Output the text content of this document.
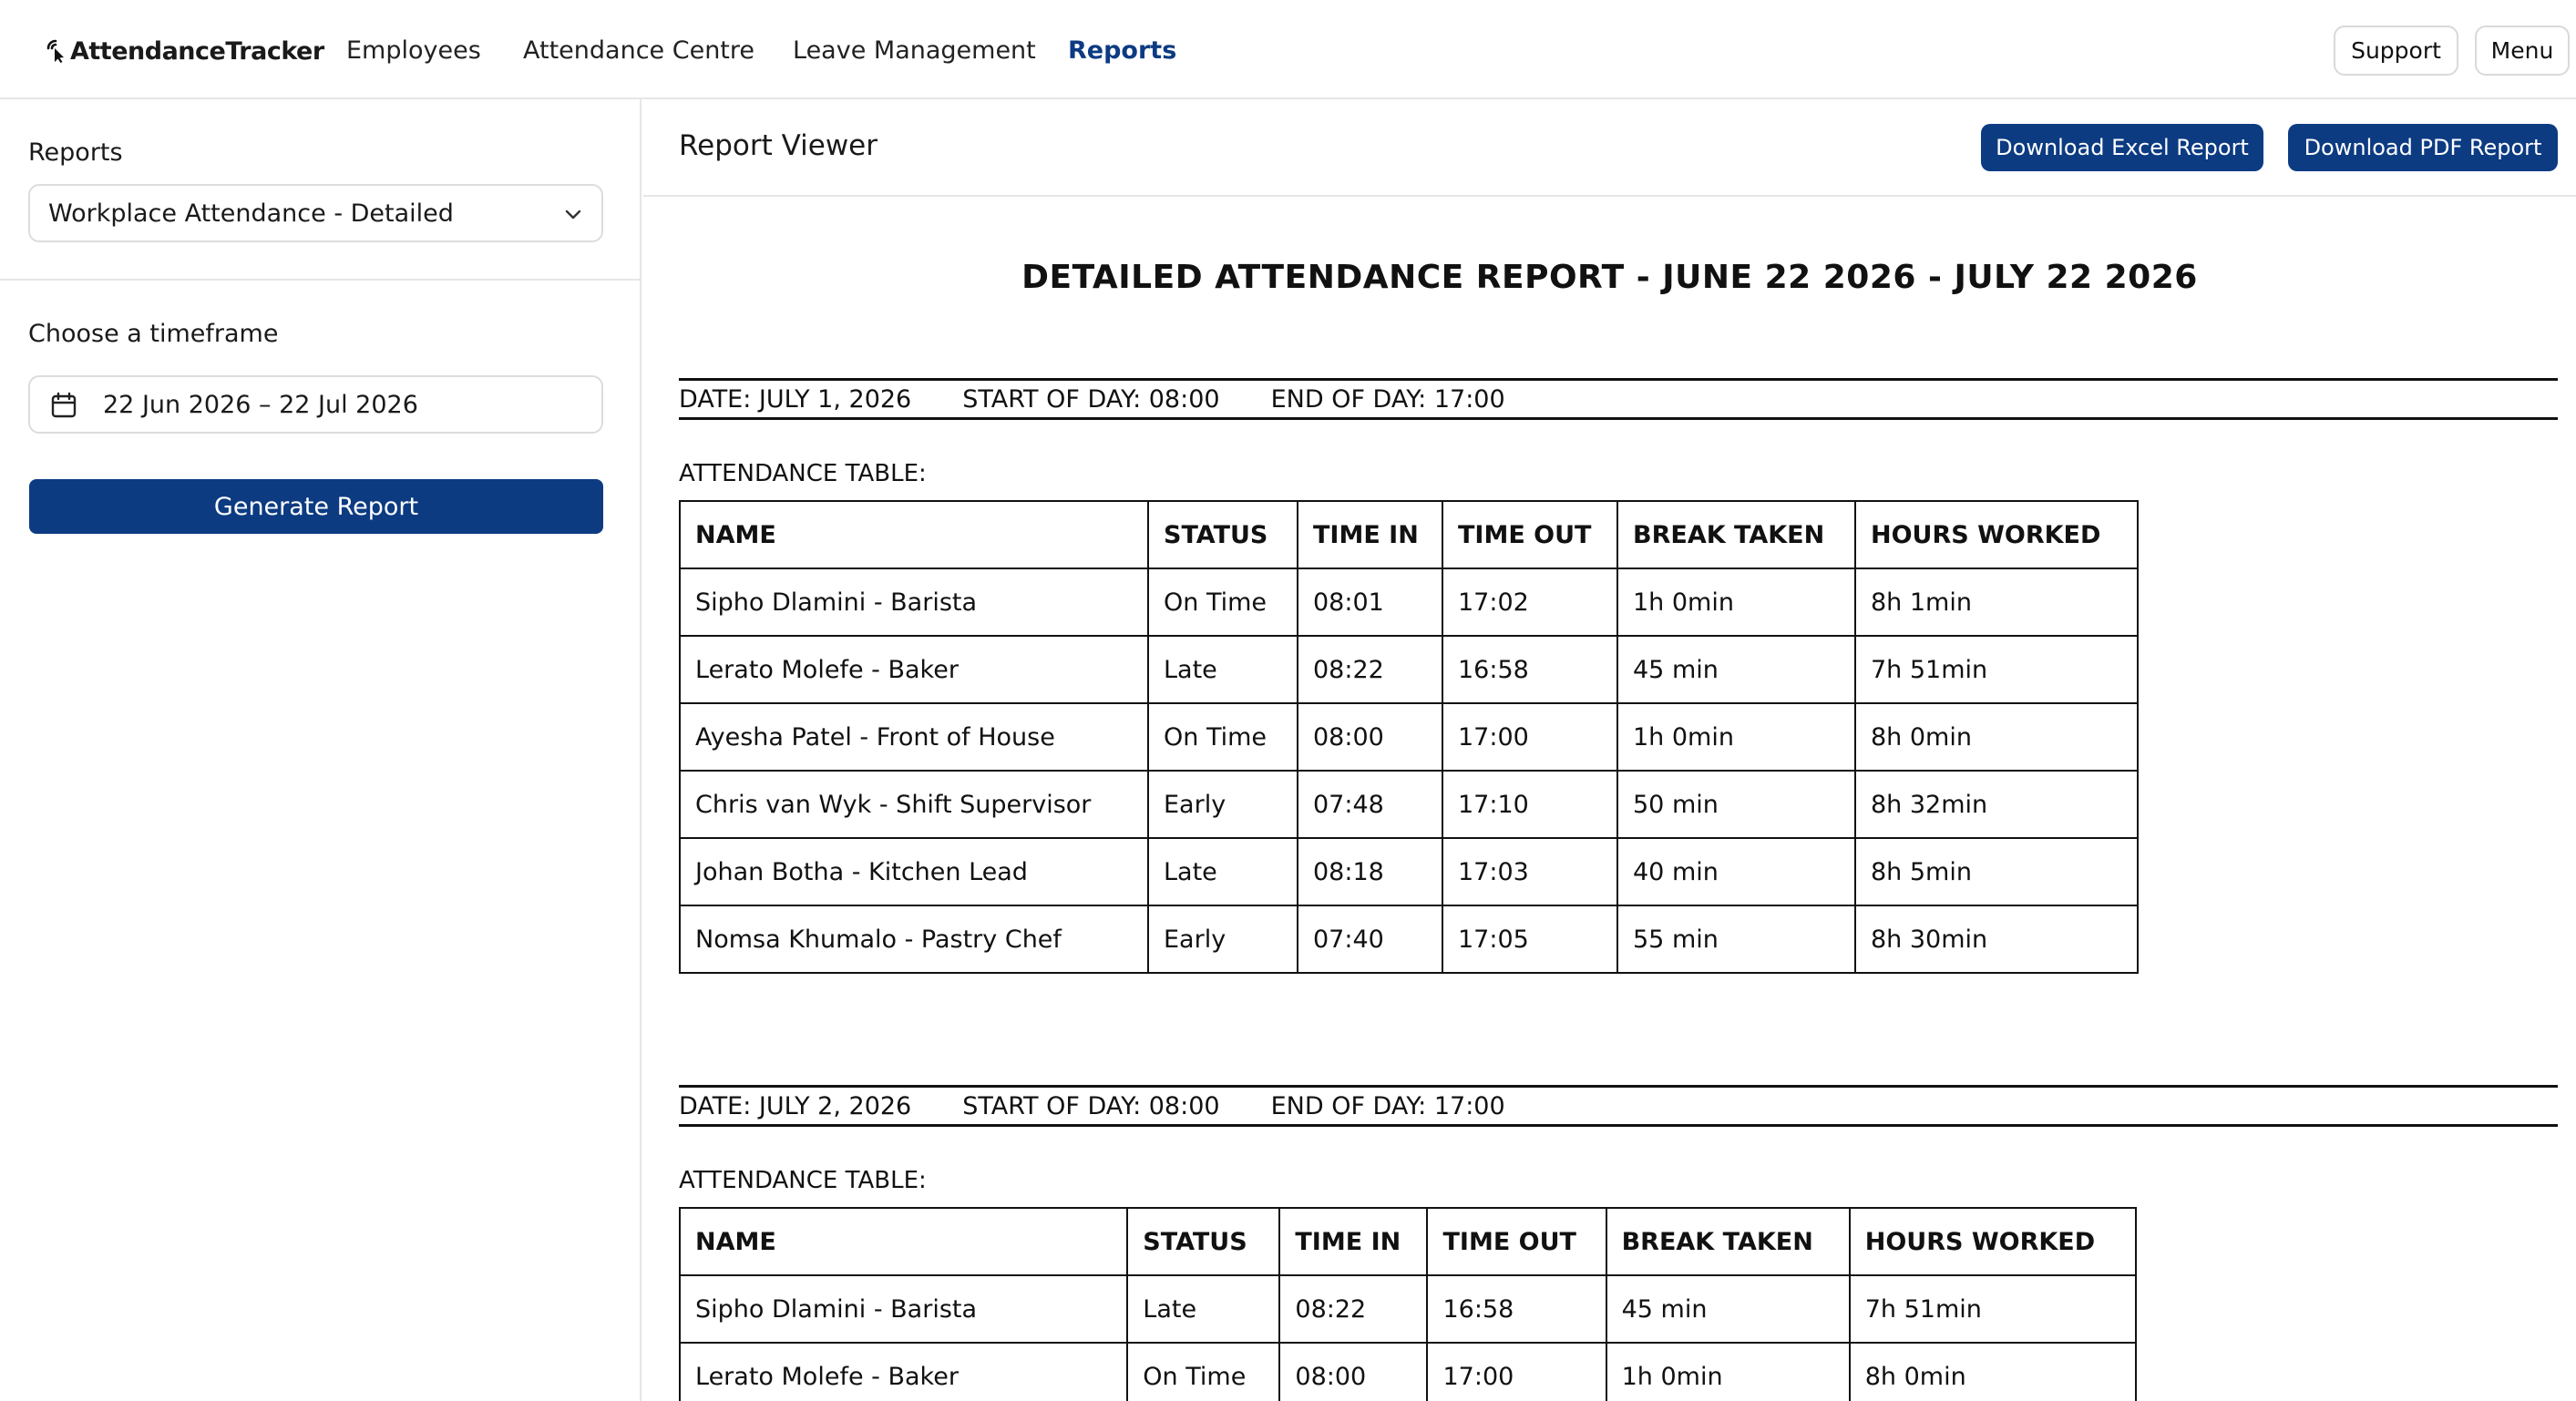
AttendanceTracker Employees Attendance Centre Leave Management Reports	Support	Menu
Reports
Workplace Attendance - Detailed
Choose a timeframe
22 Jun 2026 – 22 Jul 2026
Generate Report
Report Viewer	Download Excel Report	Download PDF Report
DETAILED ATTENDANCE REPORT - JUNE 22 2026 - JULY 22 2026
DATE: JULY 1, 2026 START OF DAY: 08:00 END OF DAY: 17:00
ATTENDANCE TABLE:
NAME	STATUS	TIME IN	TIME OUT	BREAK TAKEN	HOURS WORKED
Sipho Dlamini - Barista	On Time	08:01	17:02	1h 0min	8h 1min
Lerato Molefe - Baker	Late	08:22	16:58	45 min	7h 51min
Ayesha Patel - Front of House	On Time	08:00	17:00	1h 0min	8h 0min
Chris van Wyk - Shift Supervisor	Early	07:48	17:10	50 min	8h 32min
Johan Botha - Kitchen Lead	Late	08:18	17:03	40 min	8h 5min
Nomsa Khumalo - Pastry Chef	Early	07:40	17:05	55 min	8h 30min
DATE: JULY 2, 2026 START OF DAY: 08:00 END OF DAY: 17:00
ATTENDANCE TABLE:
NAME	STATUS	TIME IN	TIME OUT	BREAK TAKEN	HOURS WORKED
Sipho Dlamini - Barista	Late	08:22	16:58	45 min	7h 51min
Lerato Molefe - Baker	On Time	08:00	17:00	1h 0min	8h 0min
